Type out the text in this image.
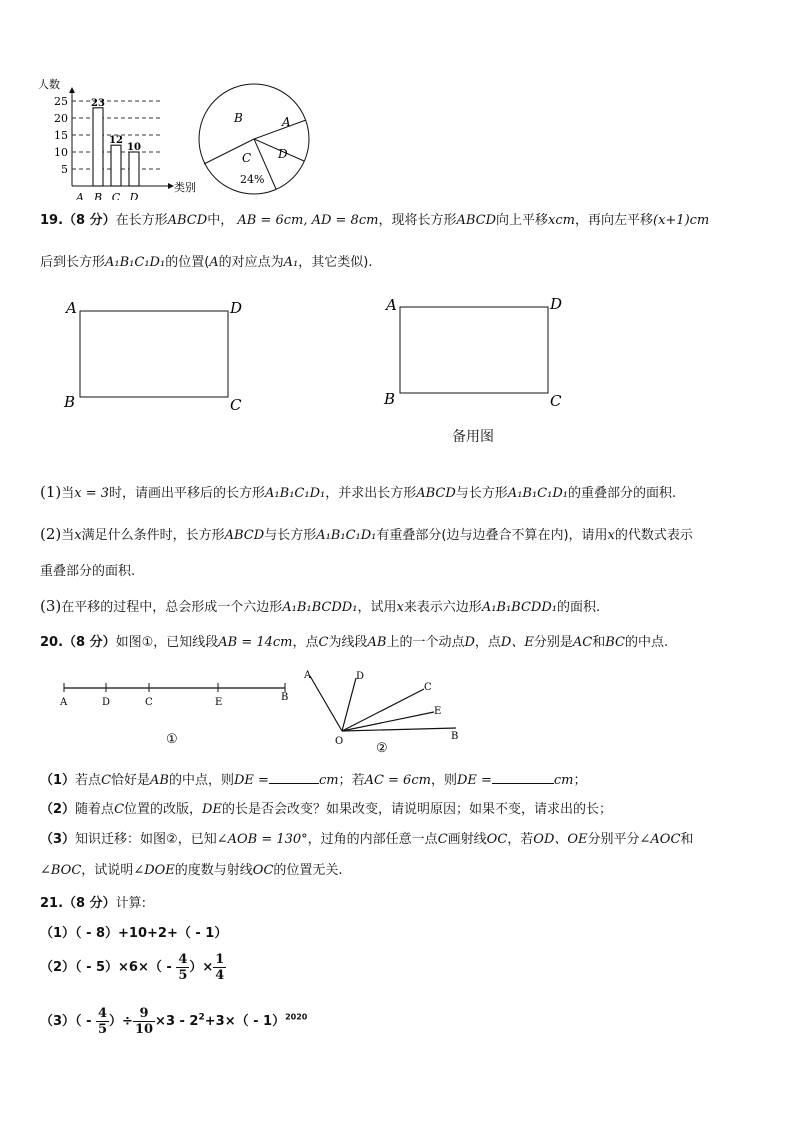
人数
类别
5
10
15
20
25
A B C D
23
12
10
B	A
D
C
24%
19.（8 分）在长方形ABCD中， AB = 6cm, AD = 8cm，现将长方形ABCD向上平移xcm，再向左平移(x+1)cm
后到长方形A₁B₁C₁D₁的位置(A的对应点为A₁，其它类似).
A	D
B	C
A	D
B	C
备用图
(1)当x = 3时，请画出平移后的长方形A₁B₁C₁D₁，并求出长方形ABCD与长方形A₁B₁C₁D₁的重叠部分的面积.
(2)当x满足什么条件时，长方形ABCD与长方形A₁B₁C₁D₁有重叠部分(边与边叠合不算在内)，请用x的代数式表示
重叠部分的面积.
(3)在平移的过程中，总会形成一个六边形A₁B₁BCDD₁，试用x来表示六边形A₁B₁BCDD₁的面积.
20.（8 分）如图①，已知线段AB = 14cm，点C为线段AB上的一个动点D，点D、E分别是AC和BC的中点.
A	D	C	E	B
①
A	D
C
E
B
O	②
（1）若点C恰好是AB的中点，则DE =	cm；若AC = 6cm，则DE =	cm；
（2）随着点C位置的改版，DE的长是否会改变？如果改变，请说明原因；如果不变，请求出的长；
（3）知识迁移：如图②，已知∠AOB = 130°，过角的内部任意一点C画射线OC，若OD、OE分别平分∠AOC和
∠BOC，试说明∠DOE的度数与射线OC的位置无关.
21.（8 分）计算:
（1）（ - 8）+10+2+（ - 1）
$(2)( - 5)\times 6\times( - \frac{4}{5}$ ）× $\frac{1}{4}$
$(3)( - \frac{4}{5}$ ）÷ $\frac{9}{10} \times 3 - 2^2+3\times( - 1)^{2020}$
